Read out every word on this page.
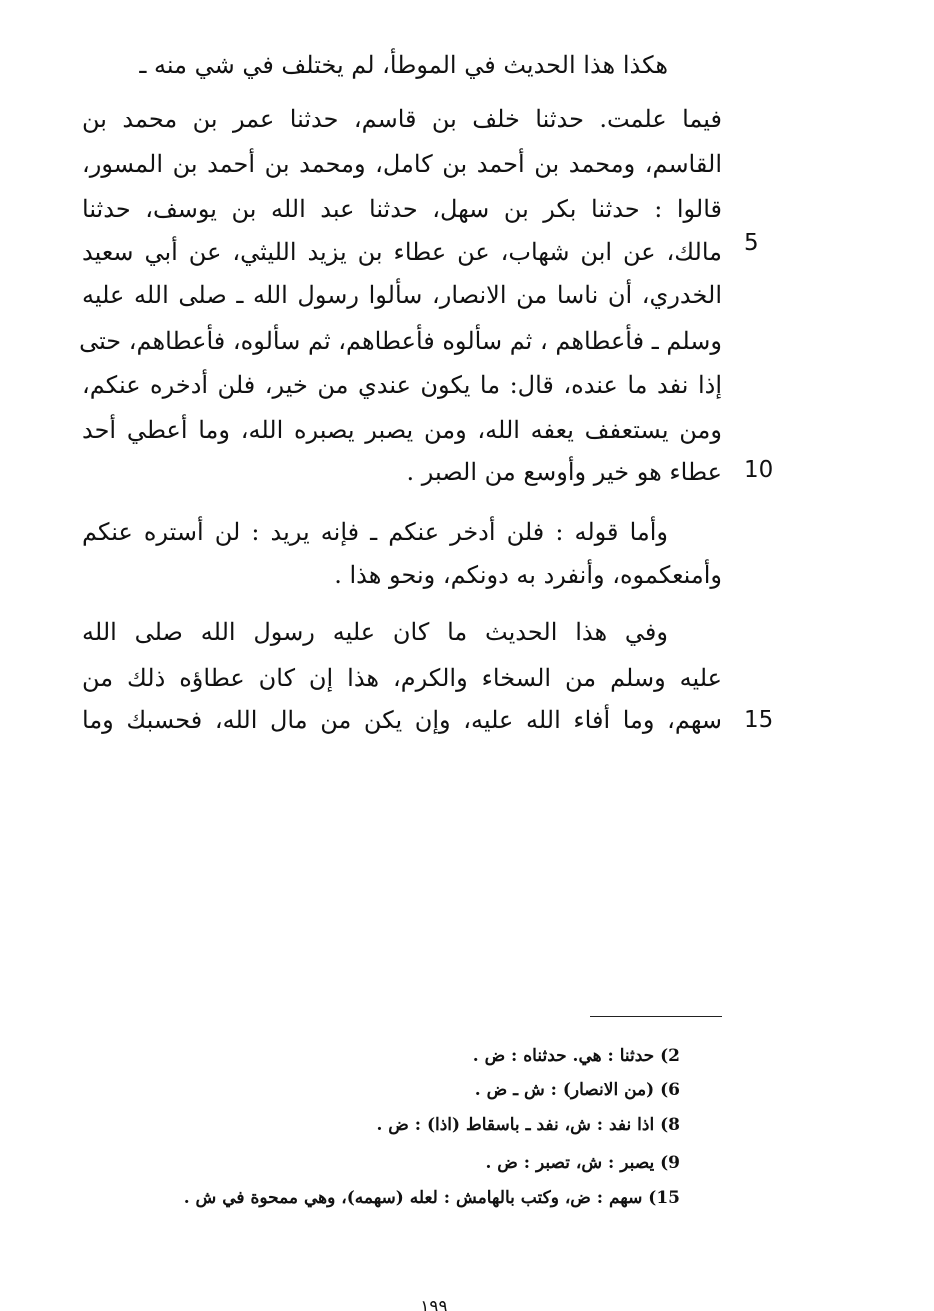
هكذا هذا الحديث في الموطأ، لم يختلف في شي منه ـ
فيما علمت. حدثنا خلف بن قاسم، حدثنا عمر بن محمد بن
القاسم، ومحمد بن أحمد بن كامل، ومحمد بن أحمد بن المسور،
قالوا : حدثنا بكر بن سهل، حدثنا عبد الله بن يوسف، حدثنا
مالك، عن ابن شهاب، عن عطاء بن يزيد الليثي، عن أبي سعيد
الخدري، أن ناسا من الانصار، سألوا رسول الله ـ صلى الله عليه
وسلم ـ فأعطاهم ، ثم سألوه فأعطاهم، ثم سألوه، فأعطاهم، حتى
إذا نفد ما عنده، قال: ما يكون عندي من خير، فلن أدخره عنكم،
ومن يستعفف يعفه الله، ومن يصبر يصبره الله، وما أعطي أحد
عطاء هو خير وأوسع من الصبر .
وأما قوله : فلن أدخر عنكم ـ فإنه يريد : لن أستره عنكم
وأمنعكموه، وأنفرد به دونكم، ونحو هذا .
وفي هذا الحديث ما كان عليه رسول الله صلى الله
عليه وسلم من السخاء والكرم، هذا إن كان عطاؤه ذلك من
سهم، وما أفاء الله عليه، وإن يكن من مال الله، فحسبك وما
5
10
15
2) حدثنا : هي. حدثناه : ض .
6) (من الانصار) : ش ـ ض .
8) اذا نفد : ش، نفد ـ باسقاط (اذا) : ض .
9) يصبر : ش، تصبر : ض .
15) سهم : ض، وكتب بالهامش : لعله (سهمه)، وهي ممحوة في ش .
١٩٩
